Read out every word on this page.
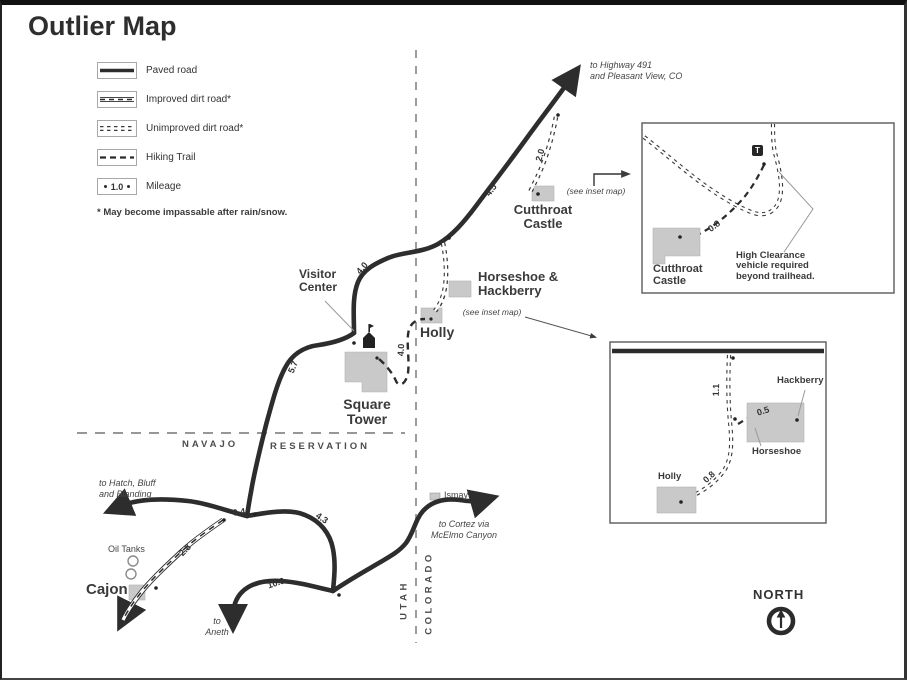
Outlier Map
Paved road
Improved dirt road*
Unimproved dirt road*
Hiking Trail
1.0 Mileage
* May become impassable after rain/snow.
to Highway 491
and Pleasant View, CO
Cutthroat
Castle
(see inset map)
Horseshoe &
Hackberry
(see inset map)
Holly
Visitor
Center
Square
Tower
NAVAJO	RESERVATION
to Hatch, Bluff
and Blanding
Oil Tanks
Cajon
to
Aneth
Ismay
to Cortez via
McElmo Canyon
UTAH COLORADO	NORTH
4.5
2.0
4.0
4.0
5.7
0.4	4.3
2.8
10.0
T
0.8
Cutthroat
Castle
High Clearance
vehicle required
beyond trailhead.
1.1
0.8
0.5
Hackberry
Horseshoe
Holly
